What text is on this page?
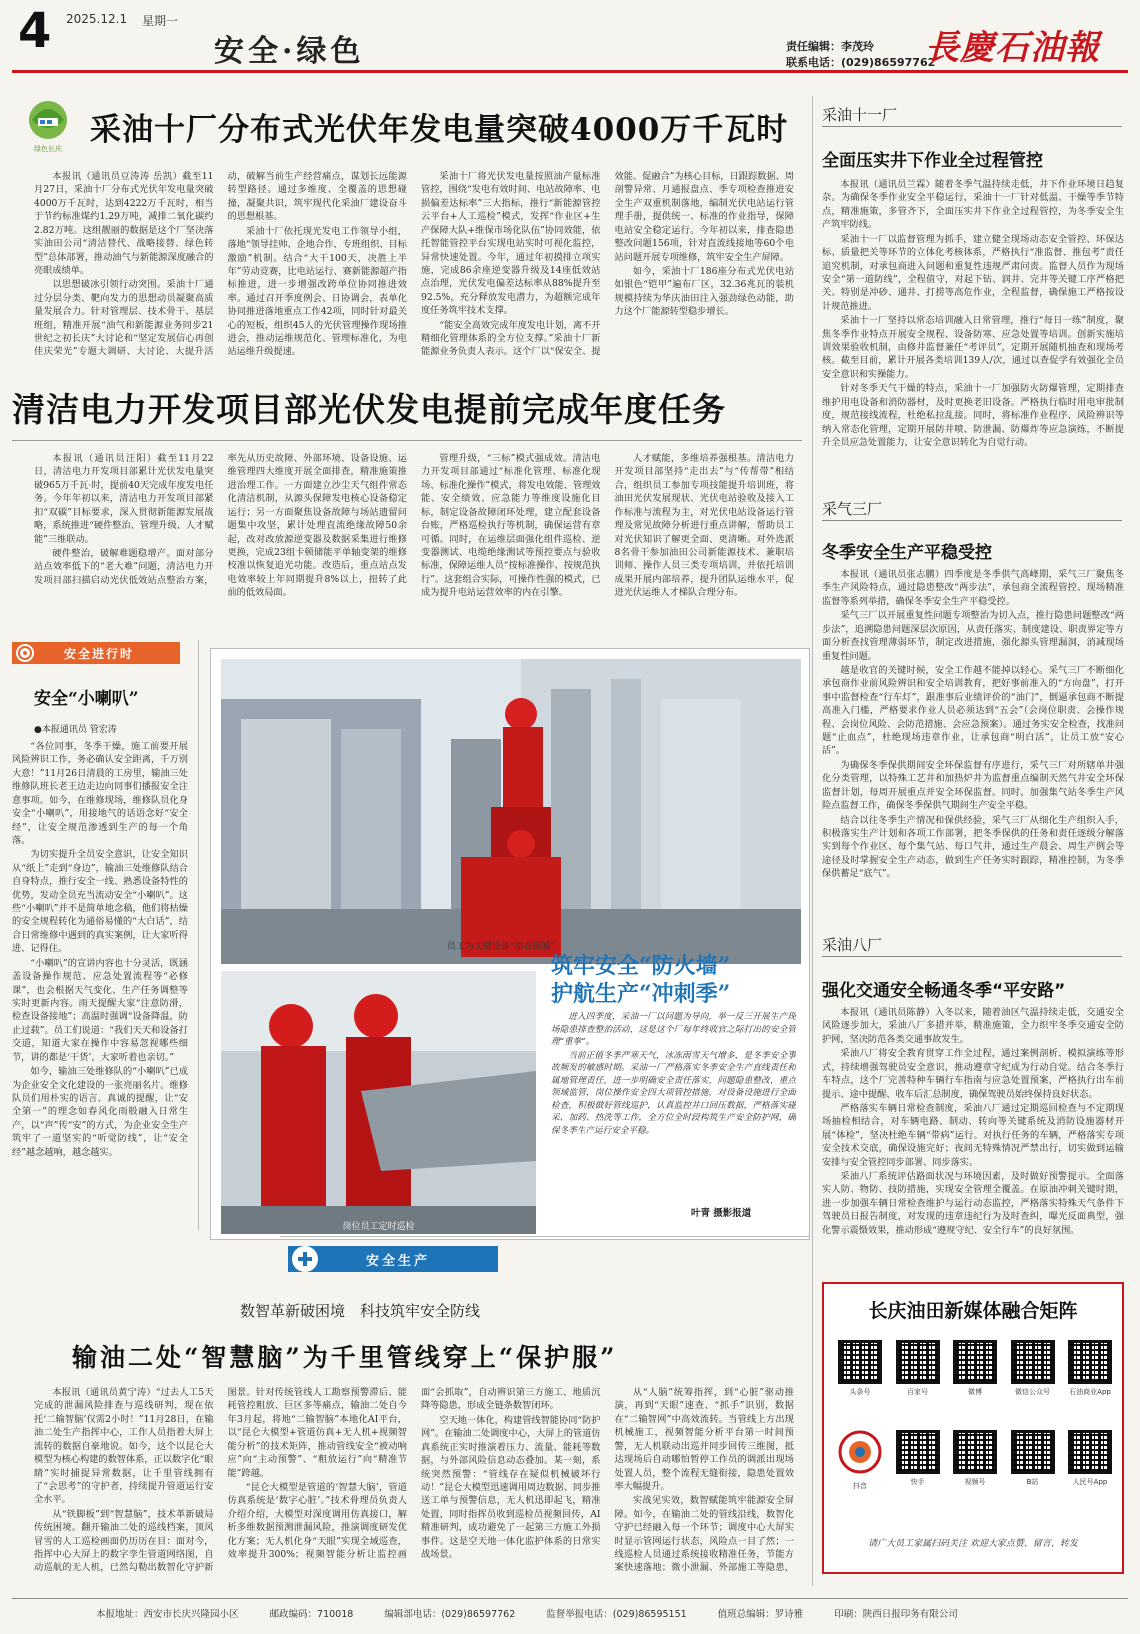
4 2025.12.1 星期一
安全·绿色	责任编辑：李茂玲
联系电话：(029)86597762
長慶石油報
绿色长庆
采油十厂分布式光伏年发电量突破4000万千瓦时

本报讯（通讯员豆涛涛 岳凯）截至11月27日，采油十厂分布式光伏年发电量突破4000万千瓦时，达到4222万千瓦时，相当于节约标准煤约1.29万吨，减排二氧化碳约2.82万吨。这组靓丽的数据是这个厂坚决落实油田公司“清洁替代、战略接替、绿色转型”总体部署，推动油气与新能源深度融合的亮眼成绩单。

以思想破冰引领行动突围。采油十厂通过分层分类、靶向发力的思想动员凝聚高质量发展合力。针对管理层、技术骨干、基层班组，精准开展“油气和新能源业务同步21世纪之初长庆”大讨论和“坚定发展信心再创佳庆荣光”专题大调研、大讨论、大提升活动，破解当前生产经营痛点，谋划长远能源转型路径。通过多维度、全覆盖的思想碰撞，凝聚共识，筑牢现代化采油厂建设奋斗的思想根基。

采油十厂依托现光发电工作领导小组，落地“领导挂帅、企地合作、专班组织、目标激励”机制。结合“大干100天，决胜上半年”劳动竞赛，比电站运行、赛新能源超产指标推进，进一步增强改跨单位协同推进效率。通过召开季度例会、日协调会，表单化协同推进落地重点工作42项，同时针对最关心的短板，组织45人的光伏管理操作现场推进会，推动运维规范化、管理标准化，为电站运维升级提速。

采油十厂将光伏发电量按照油产量标准管控，围绕“发电有效时间、电站故障率、电损偏差达标率”三大指标，推行“新能源管控云平台+人工巡检”模式，发挥“作业区+生产保障大队+维保市场化队伍”协同效能，依托智能管控平台实现电站实时可视化监控，异常快速处置。今年，通过年初摸排立项实施，完成86余座逆变器升级及14座低效站点治理，光伏发电偏差达标率从88%提升至92.5%，充分释放发电潜力，为超额完成年度任务筑牢技术支撑。

“能安全高效完成年度发电计划，离不开精细化管理体系的全方位支撑。”采油十厂新能源业务负责人表示。这个厂以“保安全、提效能、促融合”为核心目标，日跟踪数据、周剖警异常、月通报盘点、季专项检查推进安全生产双重机制落地，编制光伏电站运行管理手册，提供统一、标准的作业指导，保障电站安全稳定运行。今年初以来，排查隐患整改问题156项，针对直流线接地等60个电站问题开展专项维修，筑牢安全生产屏障。

如今，采油十厂186座分布式光伏电站如银色“铠甲”遍布厂区，32.36兆瓦的装机规模持续为华庆油田注入强劲绿色动能，助力这个厂能源转型稳步增长。

清洁电力开发项目部光伏发电提前完成年度任务

本报讯（通讯员汪阳）截至11月22日，清洁电力开发项目部累计光伏发电量突破965万千瓦·时，提前40天完成年度发电任务。今年年初以来，清洁电力开发项目部紧扣“双碳”目标要求，深入贯彻新能源发展战略，系统推进“硬件整治、管理升级、人才赋能”三维联动。

硬件整治，破解难题稳增产。面对部分站点效率低下的“老大难”问题，清洁电力开发项目部扫描启动光伏低效站点整治方案，率先从历史故障、外部环境、设备设施、运维管理四大维度开展全面排查，精准施策推进治理工作。一方面建立沙尘天气组件常态化清洁机制，从源头保障发电核心设备稳定运行；另一方面聚焦设备故障与场站遗留问题集中攻坚，累计处理直流绝缘故障50余起，改对改放源逆变器及数据采集进行维修更换，完成23组卡顿储能平单轴变架的维修校准以恢复追光功能。改造后，重点站点发电效率较上年同期提升8%以上，扭转了此前的低效局面。

管理升级，“三标”模式强成效。清洁电力开发项目部通过“标准化管理、标准化现场、标准化操作”模式，将发电效能、管理效能、安全绩效、应急能力等维度设施化目标，制定设备故障闭环处理，建立配套设备台账，严格巡检执行等机制，确保运营有章可循。同时，在运维层面强化组件巡检、逆变器测试、电缆绝缘测试等预控要点与验收标准，保障运维人员“按标准操作、按规范执行”。这套组合实际，可操作性强的模式，已成为提升电站运营效率的内在引擎。

人才赋能，多维培养强根基。清洁电力开发项目部坚持“走出去”与“传帮带”相结合，组织员工参加专项技能提升培训班，将油田光伏发展现状、光伏电站验收及接入工作标准与流程为主，对光伏电站设备运行管理及常见故障分析进行重点讲解，帮助员工对光伏知识了解更全面、更清晰。对外选派8名骨干参加油田公司新能源技术、兼职培训师、操作人员三类专项培训，并依托培训成果开展内部培养，提升团队运维水平，促进光伏运维人才梯队合理分布。

安全进行时
安全“小喇叭”
●本报通讯员 管宏涛

“各位同事，冬季干燥，施工前要开展风险辨识工作，务必确认安全距离，千万别大意！”11月26日清晨的工房里，输油三处维修队班长老王边走边向同事们播报安全注意事项。如今，在维修现场，维修队员化身安全“小喇叭”，用接地气的话语念好“安全经”，让安全规范渗透到生产的每一个角落。

为切实提升全员安全意识，让安全知识从“纸上”走到“身边”，输油三处维修队结合自身特点，推行安全一线、熟悉设备特性的优势，发动全员充当流动安全“小喇叭”。这些“小喇叭”并不是简单地念稿，他们将枯燥的安全规程转化为通俗易懂的“大白话”，结合日常维修中遇到的真实案例，让大家听得进、记得住。

“小喇叭”的宣讲内容也十分灵活，既涵盖设备操作规范、应急处置流程等“必修课”，也会根据天气变化、生产任务调整等实时更新内容。雨天提醒大家“注意防滑，检查设备接地”；高温时强调“设备降温，防止过载”。员工们说道：“我们天天和设备打交道，知道大家在操作中容易忽视哪些细节，讲的都是‘干货’，大家听着也亲切。”

如今，输油三处维修队的“小喇叭”已成为企业安全文化建设的一张亮丽名片。维修队员们用朴实的语言、真诚的提醒，让“安全第一”的理念如春风化雨般融入日常生产，以“声”传“安”的方式，为企业安全生产筑牢了一道坚实的“听觉防线”，让“安全经”越念越响，越念越实。

员工为关键设备“添衣保暖”
岗位员工定时巡检
筑牢安全“防火墙”
护航生产“冲刺季”

进入四季度，采油一厂以问题为导向，举一反三开展生产现场隐患排查整治活动，这是这个厂每年终收官之际打出的安全管理“重拳”。

当前正值冬季严寒天气，冰冻雨雪天气增多，是冬季安全事故频发的敏感时期。采油一厂严格落实冬季安全生产直线责任和属地管理责任，进一步明确安全责任落实，问题隐患整改，重点领域监管，岗位操作安全四大项管控措施，对设备设施进行全面检查，积极做好管线巡护，认真监控井口回压数据，严格落实碰采、加药、热洗等工作，全方位全时段构筑生产安全防护网，确保冬季生产运行安全平稳。

叶青 摄影报道
安全生产
数智革新破困境　科技筑牢安全防线
输油二处“智慧脑”为千里管线穿上“保护服”

本报讯（通讯员黄宁涛）“过去人工5天完成的泄漏风险排查与巡线研判，现在依托‘二输智脑’仅需2小时！”11月28日，在输油二处生产指挥中心，工作人员指着大屏上流转的数据自豪地说。如今，这个以昆仑大模型为核心构建的数智体系，正以数字化“眼睛”实时捕捉异常数据，让千里管线拥有了“会思考”的守护者，持续提升管道运行安全水平。

从“铁脚板”到“智慧脑”，技术革新破局传统困境。翻开输油二处的巡线档案，顶风冒雪的人工巡检画面仍历历在目：面对今，指挥中心大屏上的数字孪生管道网络图，自动巡航的无人机，已然勾勒出数智化守护新图景。针对传统管线人工勘察预警滞后、能耗管控粗放、巨区多等痛点，输油二处自今年3月起，将地“二输智脑”本地化AI平台，以“昆仑大模型+管道仿真+无人机+视频智能分析”的技术矩阵，推动管线安全“被动响应”向“主动预警”、“粗放运行”向“精准节能”跨越。

“昆仑大模型是管道的‘智慧大脑’，管道仿真系统是‘数字心脏’。”技术骨理员负责人介绍介绍，大模型对深度调用仿真接口，解析多维数据预测泄漏风险，推演调度研发优化方案；无人机化身“天眼”实现全域巡查，效率提升300%；视频智能分析让监控画面“会抓取”，自动辨识第三方施工、地质沉降等隐患，形成全链条数智闭环。

空天地一体化，构建管线智能协同“防护网”。在输油二处调度中心，大屏上的管道仿真系统正实时推演着压力、流量、能耗等数据，与外部风险信息动态叠加。某一刻，系统突然预警：“管线存在疑似机械破坏行动！”昆仑大模型迅速调用周边数据、同步推送工单与预警信息，无人机迅即起飞，精准处置，同时指挥员收到巡检员视频回传，AI精准研判，成功避免了一起第三方施工外损事件。这是空天地一体化监护体系的日常实战场景。

从“人脑”统筹指挥，到“心脏”驱动推演，再到“天眼”速查、“抓手”识别，数据在“二输智网”中高效流转。当管线上方出现机械施工，视频智能分析平台第一时间预警，无人机联动出巡并同步回传三维图，抵达现场后自动哪怕暂停工作员的调派出现场处置人员，整个流程无缝衔接，隐患处置效率大幅提升。

实战见实效，数智赋能筑牢能源安全屏障。如今，在输油二处的管线沿线，数智化守护已经融入每一个环节；调度中心大屏实时显示管网运行状态，风险点一目了然；一线巡检人员通过系统接收精准任务，节能方案快速落地；微小泄漏、外部施工等隐患，

采油十一厂
全面压实井下作业全过程管控

本报讯（通讯员兰霖）随着冬季气温持续走低，井下作业环境日趋复杂。为确保冬季作业安全平稳运行，采油十一厂针对低温、干燥等季节特点，精准施策，多管齐下，全面压实井下作业全过程管控，为冬季安全生产筑牢防线。

采油十一厂以监督管理为抓手，建立健全现场动态安全管控、环保达标、质量把关等环节的立体化考核体系，严格执行“准监督、推包考”责任追究机制，对承包商进入问题和重复性违规严肃问责。监督人员作为现场安全“第一道防线”，全程值守，对起下钻、润井、完井等关键工序严格把关。特别是冲砂、通井、打捞等高危作业，全程监督，确保施工严格按设计规范推进。

采油十一厂坚持以常态培训融入日常管理，推行“每日一练”制度，聚焦冬季作业特点开展安全规程、设备防寒、应急处置等培训。创新实施培训效果验收机制，由修井监督兼任“考评员”，定期开展随机抽查和现场考核。截至目前，累计开展各类培训139人/次，通过以查促学有效强化全员安全意识和实操能力。

针对冬季天气干燥的特点，采油十一厂加强防火防爆管理，定期排查维护用电设备和消防器材，及时更换老旧设备。严格执行临时用电审批制度，规范接线流程，杜绝私拉乱接。同时，将标准作业程序、风险辨识等纳入常态化管理，定期开展防井喷、防泄漏、防爆炸等应急演练，不断提升全员应急处置能力，让安全意识转化为自觉行动。

采气三厂
冬季安全生产平稳受控

本报讯（通讯员张志鹏）四季度是冬季供气高峰期，采气三厂聚焦冬季生产风险特点，通过隐患整改“两步法”，承包商全流程管控、现场精准监督等系列举措，确保冬季安全生产平稳受控。

采气三厂以开展重复性问题专项整治为切入点，推行隐患问题整改“两步法”，追溯隐患问题深层次原因，从责任落实、制度建设、职责界定等方面分析查找管理薄弱环节，制定改进措施，强化源头管理漏洞，消减现场重复性问题。

越是收官的关键时候，安全工作越不能掉以轻心。采气三厂不断细化承包商作业前风险辨识和安全培训教育，把好事前准入的“方向盘”，打开事中监督检查“行车灯”，跟准事后业绩评价的“油门”，倒逼承包商不断提高准入门槛，严格要求作业人员必须达到“五会”（会岗位职责、会操作规程、会岗位风险、会防范措施、会应急预案）。通过务实安全检查，找准问题“止血点”，杜绝现场违章作业，让承包商“明白活”，让员工放“安心活”。

为确保冬季保供期间安全环保监督有序进行，采气三厂对所辖单井强化分类管理，以特殊工艺井和加热炉井为监督重点编制天然气井安全环保监督计划，每周开展重点并安全环保监督。同时，加强集气站冬季生产风险点监督工作，确保冬季保供气期间生产安全平稳。

结合以往冬季生产情况和保供经验，采气三厂从细化生产组织入手，积极落实生产计划和各项工作部署，把冬季保供的任务和责任逐级分解落实到每个作业区、每个集气站、每口气井，通过生产晨会、周生产例会等途径及时掌握安全生产动态，做到生产任务实时跟踪，精准控制，为冬季保供蓄足“底气”。

采油八厂
强化交通安全畅通冬季“平安路”

本报讯（通讯员陈静）入冬以来，随着油区气温持续走低，交通安全风险逐步加大，采油八厂多措并举，精准施策，全力织牢冬季交通安全防护网，坚决防范各类交通事故发生。

采油八厂将安全教育贯穿工作全过程，通过案例剖析、模拟演练等形式，持续增强驾驶员安全意识，推动遵章守纪成为行动自觉。结合冬季行车特点，这个厂完善特种车辆行车指南与应急处置预案，严格执行出车前提示、途中提醒、收车后汇总制度，确保驾驶员始终保持良好状态。

严格落实车辆日常检查制度，采油八厂通过定期巡回检查与不定期现场抽检相结合，对车辆电路、制动、转向等关键系统及消防设施器材开展“体检”，坚决杜绝车辆“带病”运行。对执行任务的车辆，严格落实专项安全技术交底，确保设施完好；夜间无特殊情况严禁出行，切实做到运输安排与安全管控同步部署、同步落实。

采油八厂系统评估路面状况与环境因素，及时做好预警提示。全面落实人防、物防、技防措施，实现安全管理全覆盖。在原油冲刺关键时期，进一步加强车辆日常检查维护与运行动态监控，严格落实特殊天气条件下驾驶员日报告制度，对发现的违章违纪行为及时查纠，曝光反面典型，强化警示震慑效果，推动形成“遵规守纪、安全行车”的良好氛围。

长庆油田新媒体融合矩阵
头条号	百家号	微博	微信公众号	石油商业App
抖音	快手	视频号	B站	人民号App
请广大员工家属扫码关注 欢迎大家点赞、留言、转发
本报地址：西安市长庆兴隆园小区	邮政编码：710018	编辑部电话：(029)86597762	监督举报电话：(029)86595151	值班总编辑：罗诗雅	印刷：陕西日报印务有限公司
